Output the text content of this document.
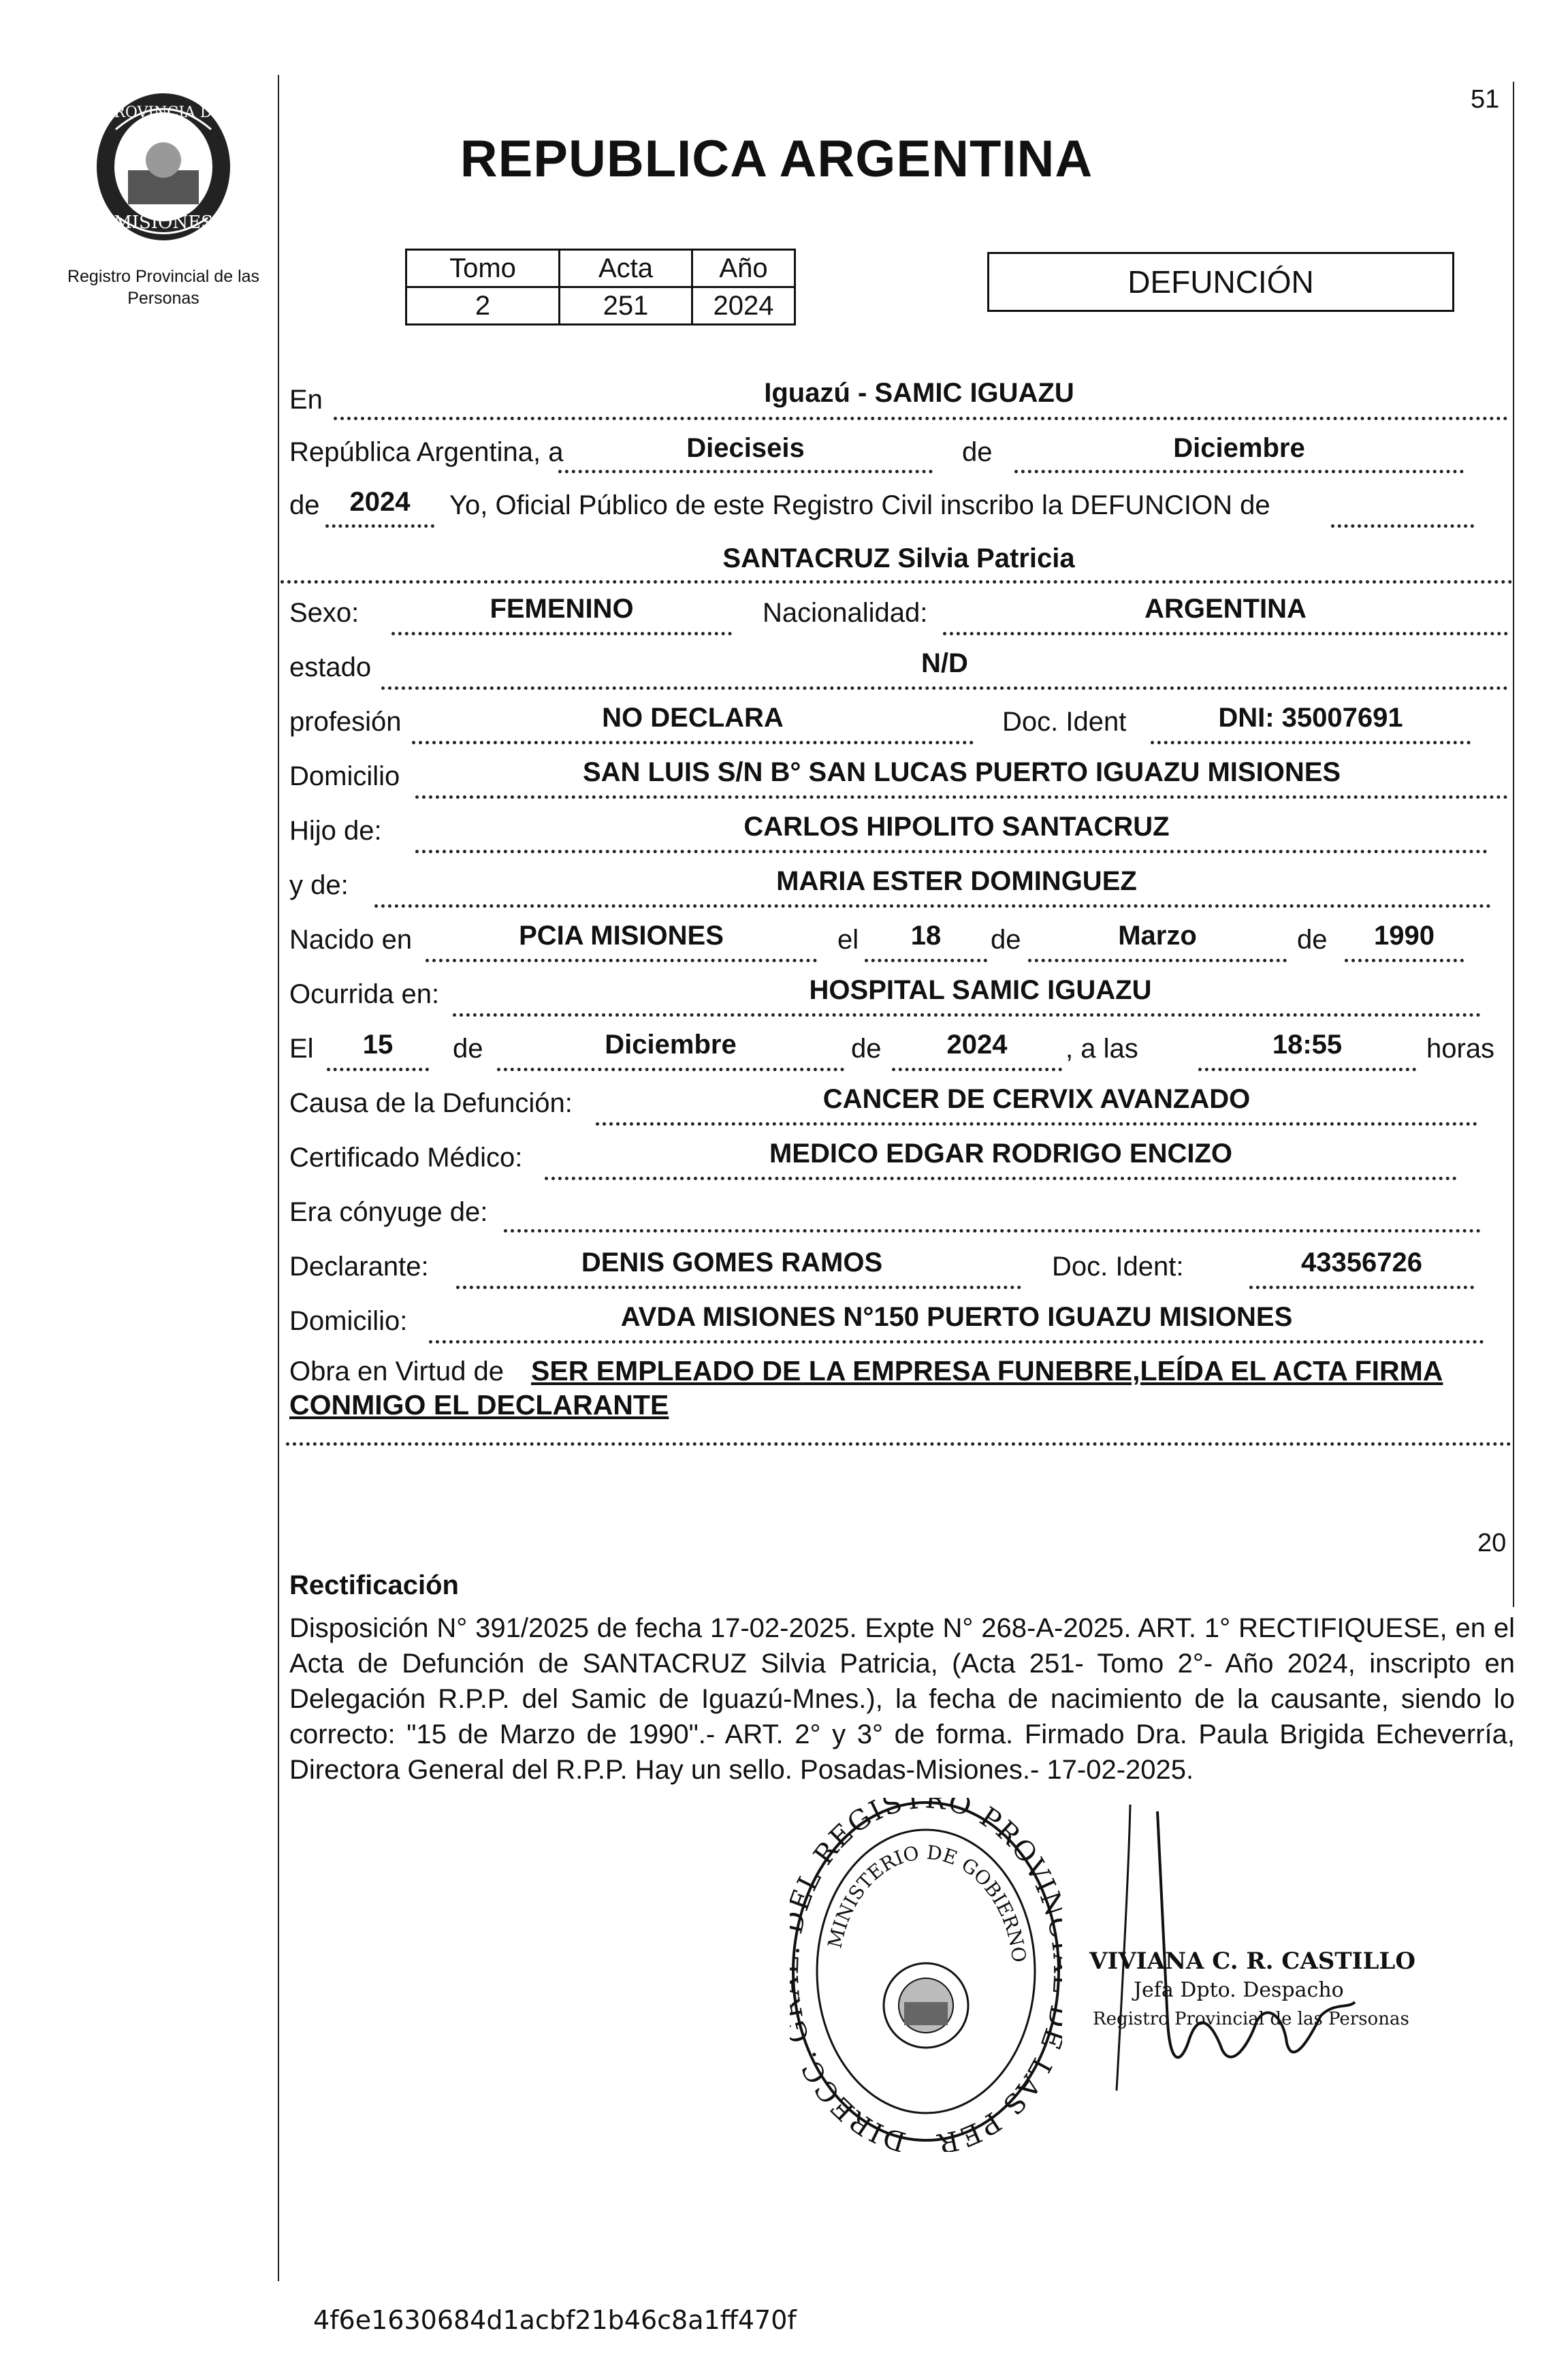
PROVINCIA DE
MISIONES
Registro Provincial de las Personas
51
REPUBLICA ARGENTINA
Tomo	Acta	Año
2	251	2024
DEFUNCIÓN
En	Iguazú - SAMIC IGUAZU
República Argentina, a	Dieciseis	de	Diciembre
de	2024	Yo, Oficial Público de este Registro Civil inscribo la DEFUNCION de
SANTACRUZ Silvia Patricia
Sexo:	FEMENINO	Nacionalidad:	ARGENTINA
estado	N/D
profesión	NO DECLARA	Doc. Ident	DNI: 35007691
Domicilio	SAN LUIS S/N B° SAN LUCAS PUERTO IGUAZU MISIONES
Hijo de:	CARLOS HIPOLITO SANTACRUZ
y de:	MARIA ESTER DOMINGUEZ
Nacido en	PCIA MISIONES	el	18	de	Marzo	de	1990
Ocurrida en:	HOSPITAL SAMIC IGUAZU
El	15	de	Diciembre	de	2024	, a las	18:55	horas
Causa de la Defunción:	CANCER DE CERVIX AVANZADO
Certificado Médico:	MEDICO EDGAR RODRIGO ENCIZO
Era cónyuge de:
Declarante:	DENIS GOMES RAMOS	Doc. Ident:	43356726
Domicilio:	AVDA MISIONES N°150 PUERTO IGUAZU MISIONES
Obra en Virtud de SER EMPLEADO DE LA EMPRESA FUNEBRE,LEÍDA EL ACTA FIRMA
CONMIGO EL DECLARANTE
20
Rectificación
Disposición N° 391/2025 de fecha 17-02-2025. Expte N° 268-A-2025. ART. 1° RECTIFIQUESE, en el Acta de Defunción de SANTACRUZ Silvia Patricia, (Acta 251- Tomo 2°- Año 2024, inscripto en Delegación R.P.P. del Samic de Iguazú-Mnes.), la fecha de nacimiento de la causante, siendo lo correcto: "15 de Marzo de 1990".- ART. 2° y 3° de forma. Firmado Dra. Paula Brigida Echeverría, Directora General del R.P.P. Hay un sello. Posadas-Misiones.- 17-02-2025.
DIRECC. L REGISTRO PROVI LAS PER
MINISTERIO DE GOBIERNO	VIVIANA C. R. CASTILLO
Jefa Dpto. Despacho
Registro Provincial de las Personas
4f6e1630684d1acbf21b46c8a1ff470f
